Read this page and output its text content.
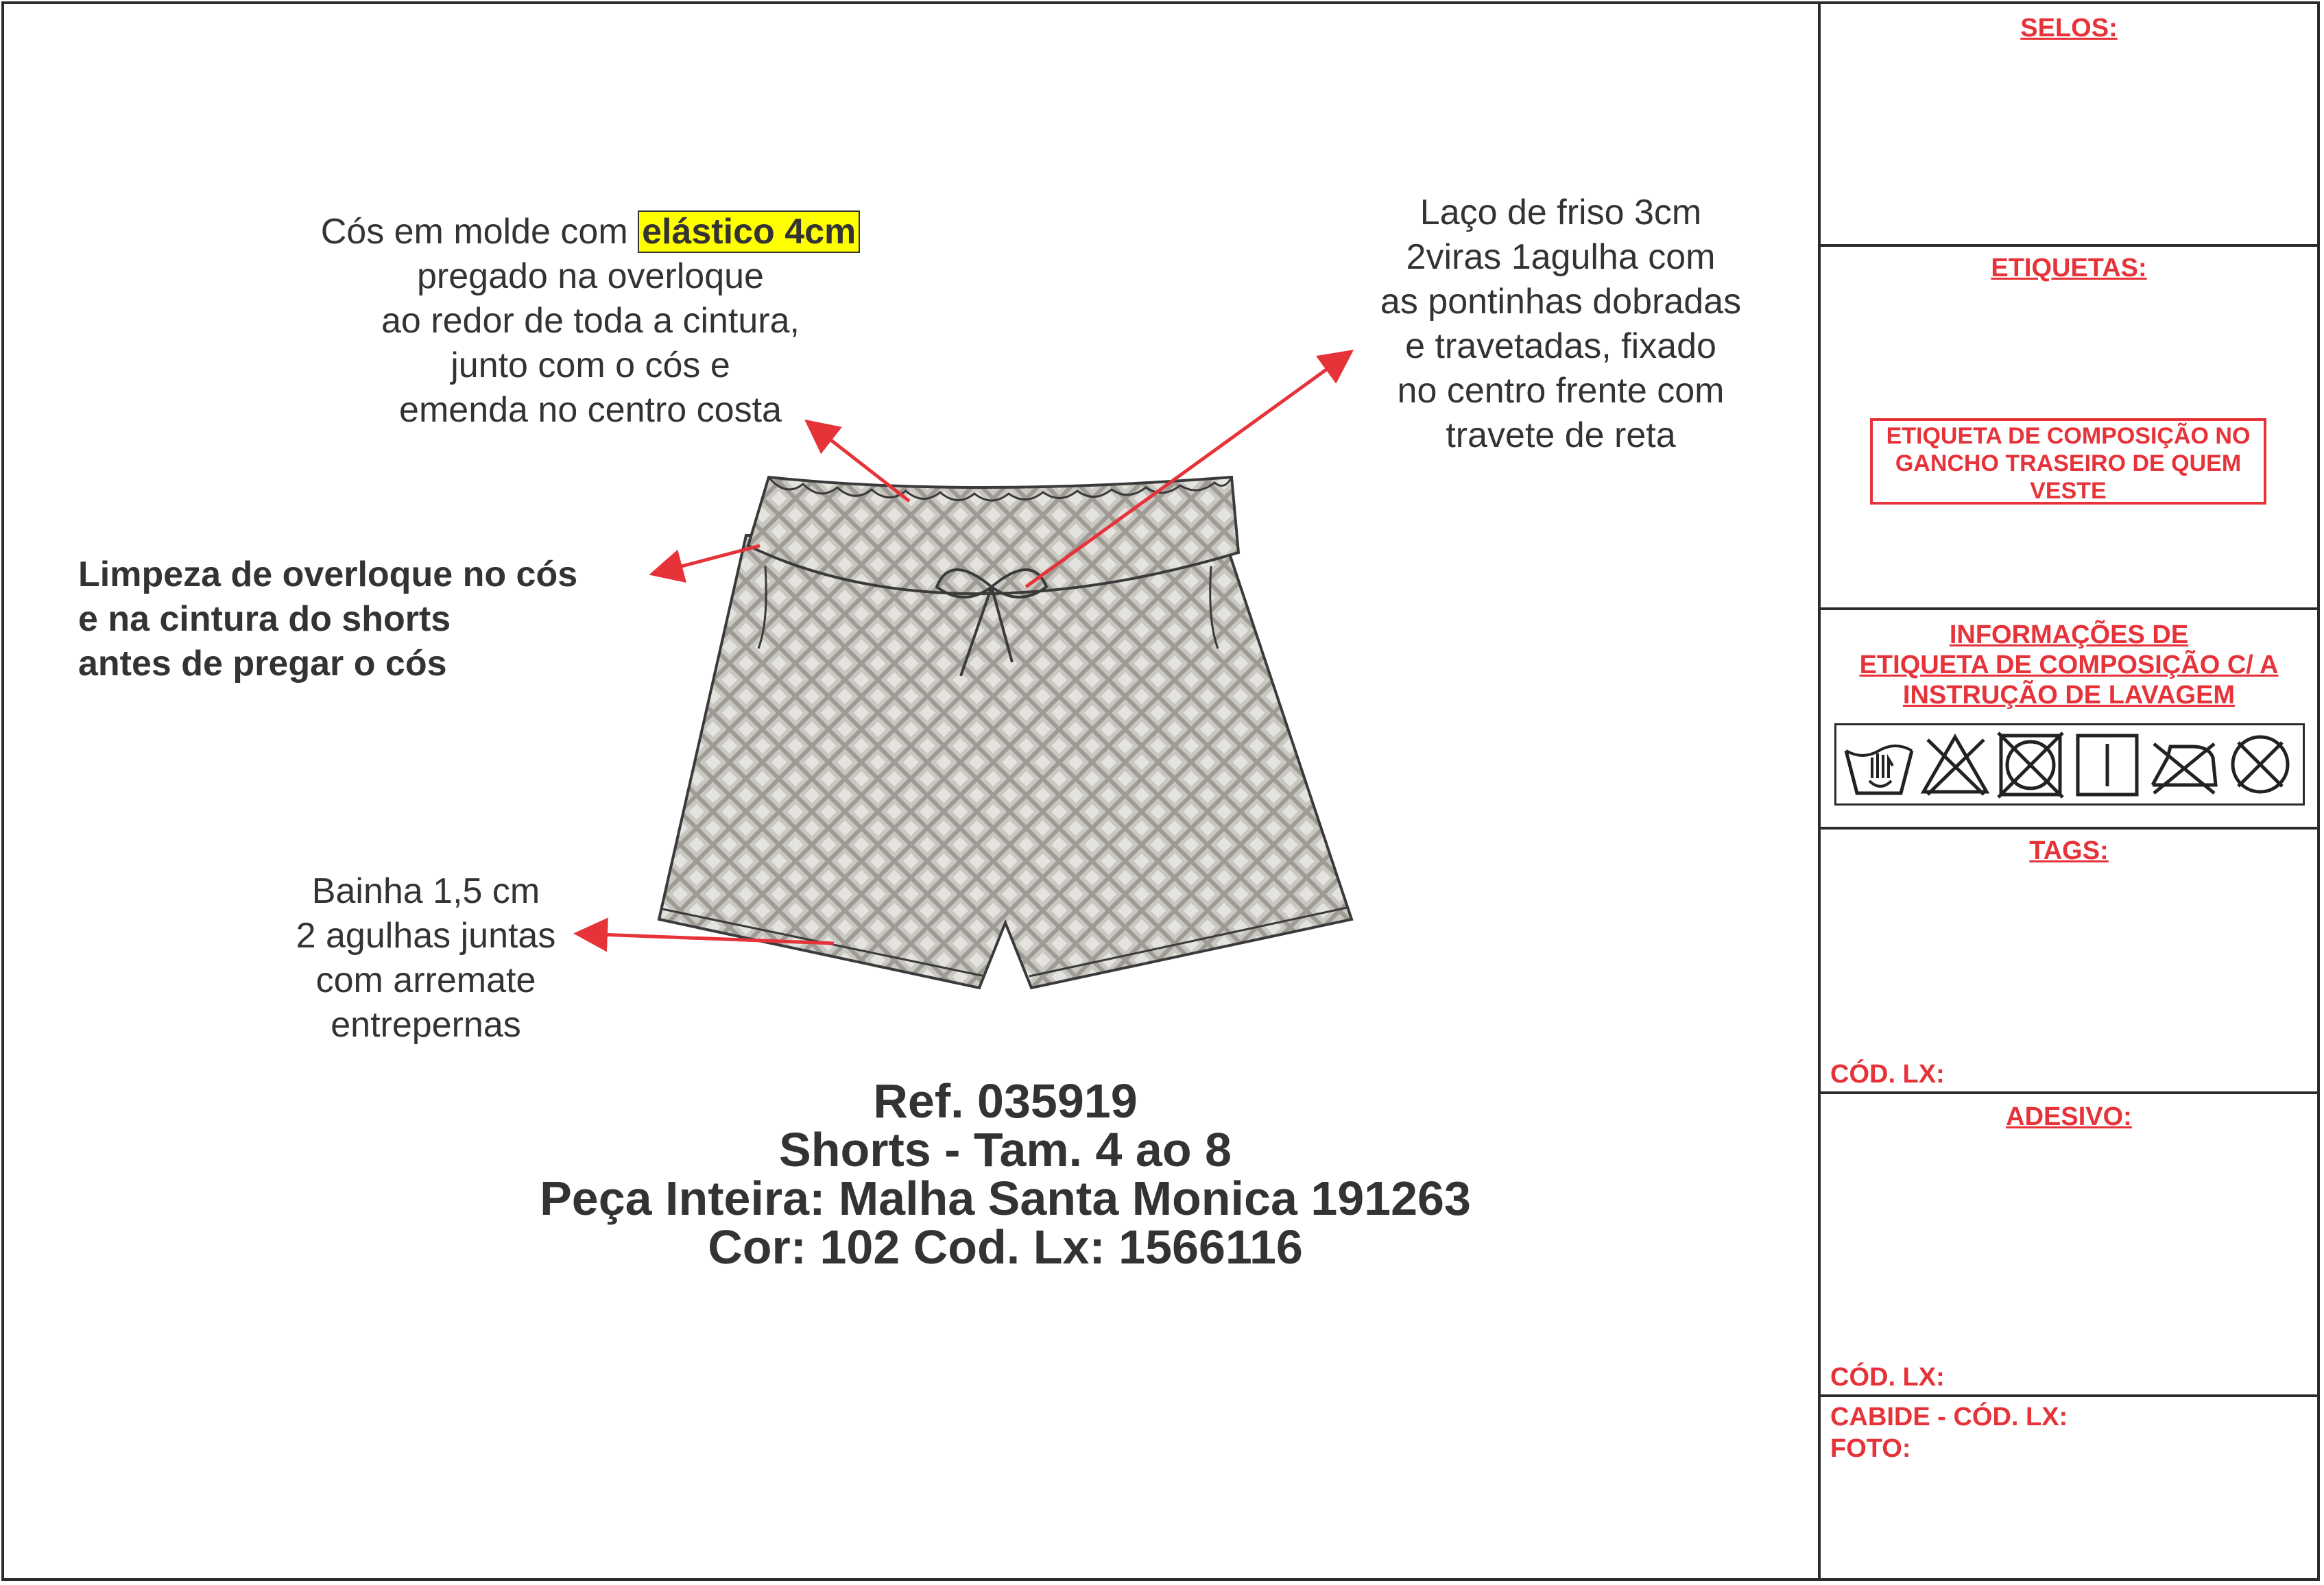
Cós em molde com elástico 4cm
pregado na overloque
ao redor de toda a cintura,
junto com o cós e
emenda no centro costa
Laço de friso 3cm
2viras 1agulha com
as pontinhas dobradas
e travetadas, fixado
no centro frente com
travete de reta
Limpeza de overloque no cós
e na cintura do shorts
antes de pregar o cós
Bainha 1,5 cm
2 agulhas juntas
com arremate
entrepernas
Ref. 035919
Shorts - Tam. 4 ao 8
Peça Inteira: Malha Santa Monica 191263
Cor: 102 Cod. Lx: 1566116
SELOS:
ETIQUETAS:
ETIQUETA DE COMPOSIÇÃO NO
GANCHO TRASEIRO DE QUEM
VESTE
INFORMAÇÕES DE
ETIQUETA DE COMPOSIÇÃO C/ A
INSTRUÇÃO DE LAVAGEM
TAGS:
CÓD. LX:
ADESIVO:
CÓD. LX:
CABIDE - CÓD. LX:
FOTO:
